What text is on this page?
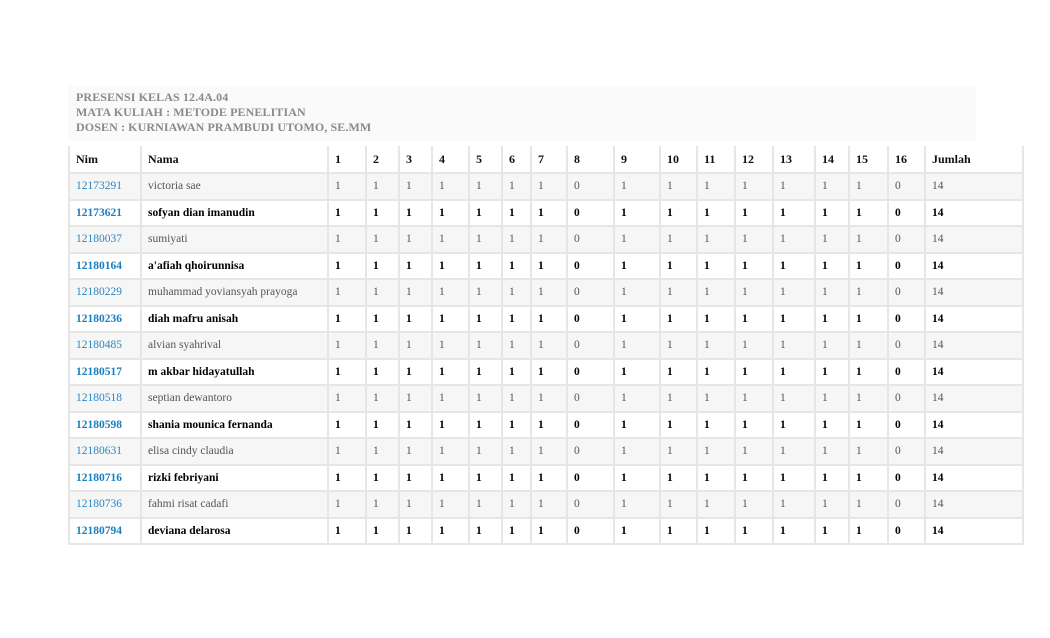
PRESENSI KELAS 12.4A.04
MATA KULIAH : METODE PENELITIAN
DOSEN : KURNIAWAN PRAMBUDI UTOMO, SE.MM
Nim	Nama	1	2	3	4	5	6	7	8	9	10	11	12	13	14	15	16	Jumlah
12173291	victoria sae	1	1	1	1	1	1	1	0	1	1	1	1	1	1	1	0	14
12173621	sofyan dian imanudin	1	1	1	1	1	1	1	0	1	1	1	1	1	1	1	0	14
12180037	sumiyati	1	1	1	1	1	1	1	0	1	1	1	1	1	1	1	0	14
12180164	a'afiah qhoirunnisa	1	1	1	1	1	1	1	0	1	1	1	1	1	1	1	0	14
12180229	muhammad yoviansyah prayoga	1	1	1	1	1	1	1	0	1	1	1	1	1	1	1	0	14
12180236	diah mafru anisah	1	1	1	1	1	1	1	0	1	1	1	1	1	1	1	0	14
12180485	alvian syahrival	1	1	1	1	1	1	1	0	1	1	1	1	1	1	1	0	14
12180517	m akbar hidayatullah	1	1	1	1	1	1	1	0	1	1	1	1	1	1	1	0	14
12180518	septian dewantoro	1	1	1	1	1	1	1	0	1	1	1	1	1	1	1	0	14
12180598	shania mounica fernanda	1	1	1	1	1	1	1	0	1	1	1	1	1	1	1	0	14
12180631	elisa cindy claudia	1	1	1	1	1	1	1	0	1	1	1	1	1	1	1	0	14
12180716	rizki febriyani	1	1	1	1	1	1	1	0	1	1	1	1	1	1	1	0	14
12180736	fahmi risat cadafi	1	1	1	1	1	1	1	0	1	1	1	1	1	1	1	0	14
12180794	deviana delarosa	1	1	1	1	1	1	1	0	1	1	1	1	1	1	1	0	14
